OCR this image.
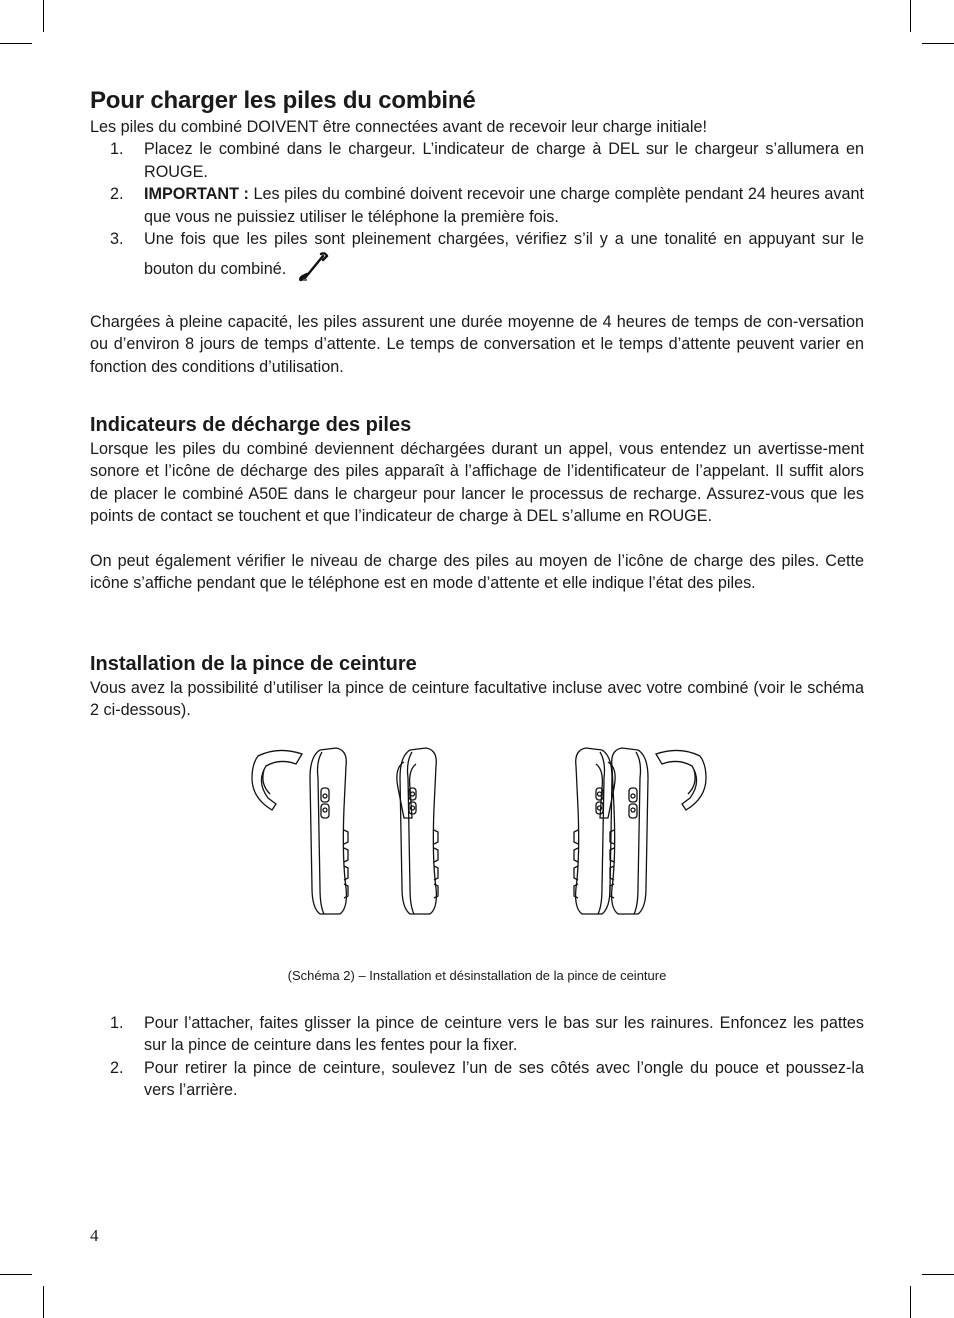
Pour charger les piles du combiné

Les piles du combiné DOIVENT être connectées avant de recevoir leur charge initiale!

1. Placez le combiné dans le chargeur. L’indicateur de charge à DEL sur le chargeur s’allumera en ROUGE.
2. IMPORTANT : Les piles du combiné doivent recevoir une charge complète pendant 24 heures avant que vous ne puissiez utiliser le téléphone la première fois.
3. Une fois que les piles sont pleinement chargées, vérifiez s’il y a une tonalité en appuyant sur le bouton du combiné.

Chargées à pleine capacité, les piles assurent une durée moyenne de 4 heures de temps de con-versation ou d’environ 8 jours de temps d’attente. Le temps de conversation et le temps d’attente peuvent varier en fonction des conditions d’utilisation.

Indicateurs de décharge des piles

Lorsque les piles du combiné deviennent déchargées durant un appel, vous entendez un avertisse-ment sonore et l’icône de décharge des piles apparaît à l’affichage de l’identificateur de l’appelant. Il suffit alors de placer le combiné A50E dans le chargeur pour lancer le processus de recharge. Assurez-vous que les points de contact se touchent et que l’indicateur de charge à DEL s’allume en ROUGE.

On peut également vérifier le niveau de charge des piles au moyen de l’icône de charge des piles. Cette icône s’affiche pendant que le téléphone est en mode d’attente et elle indique l’état des piles.

Installation de la pince de ceinture

Vous avez la possibilité d’utiliser la pince de ceinture facultative incluse avec votre combiné (voir le schéma 2 ci-dessous).

(Schéma 2) – Installation et désinstallation de la pince de ceinture
1. Pour l’attacher, faites glisser la pince de ceinture vers le bas sur les rainures. Enfoncez les pattes sur la pince de ceinture dans les fentes pour la fixer.
2. Pour retirer la pince de ceinture, soulevez l’un de ses côtés avec l’ongle du pouce et poussez-la vers l’arrière.
4
